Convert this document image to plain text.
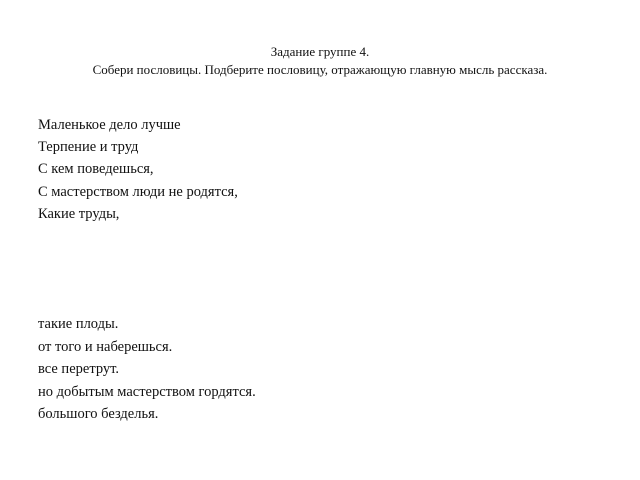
Задание группе 4.
Собери пословицы. Подберите пословицу, отражающую главную мысль рассказа.
Маленькое дело лучше
Терпение и труд
С кем поведешься,
С мастерством люди не родятся,
Какие труды,
такие плоды.
от того и наберешься.
все перетрут.
но добытым мастерством гордятся.
большого безделья.
